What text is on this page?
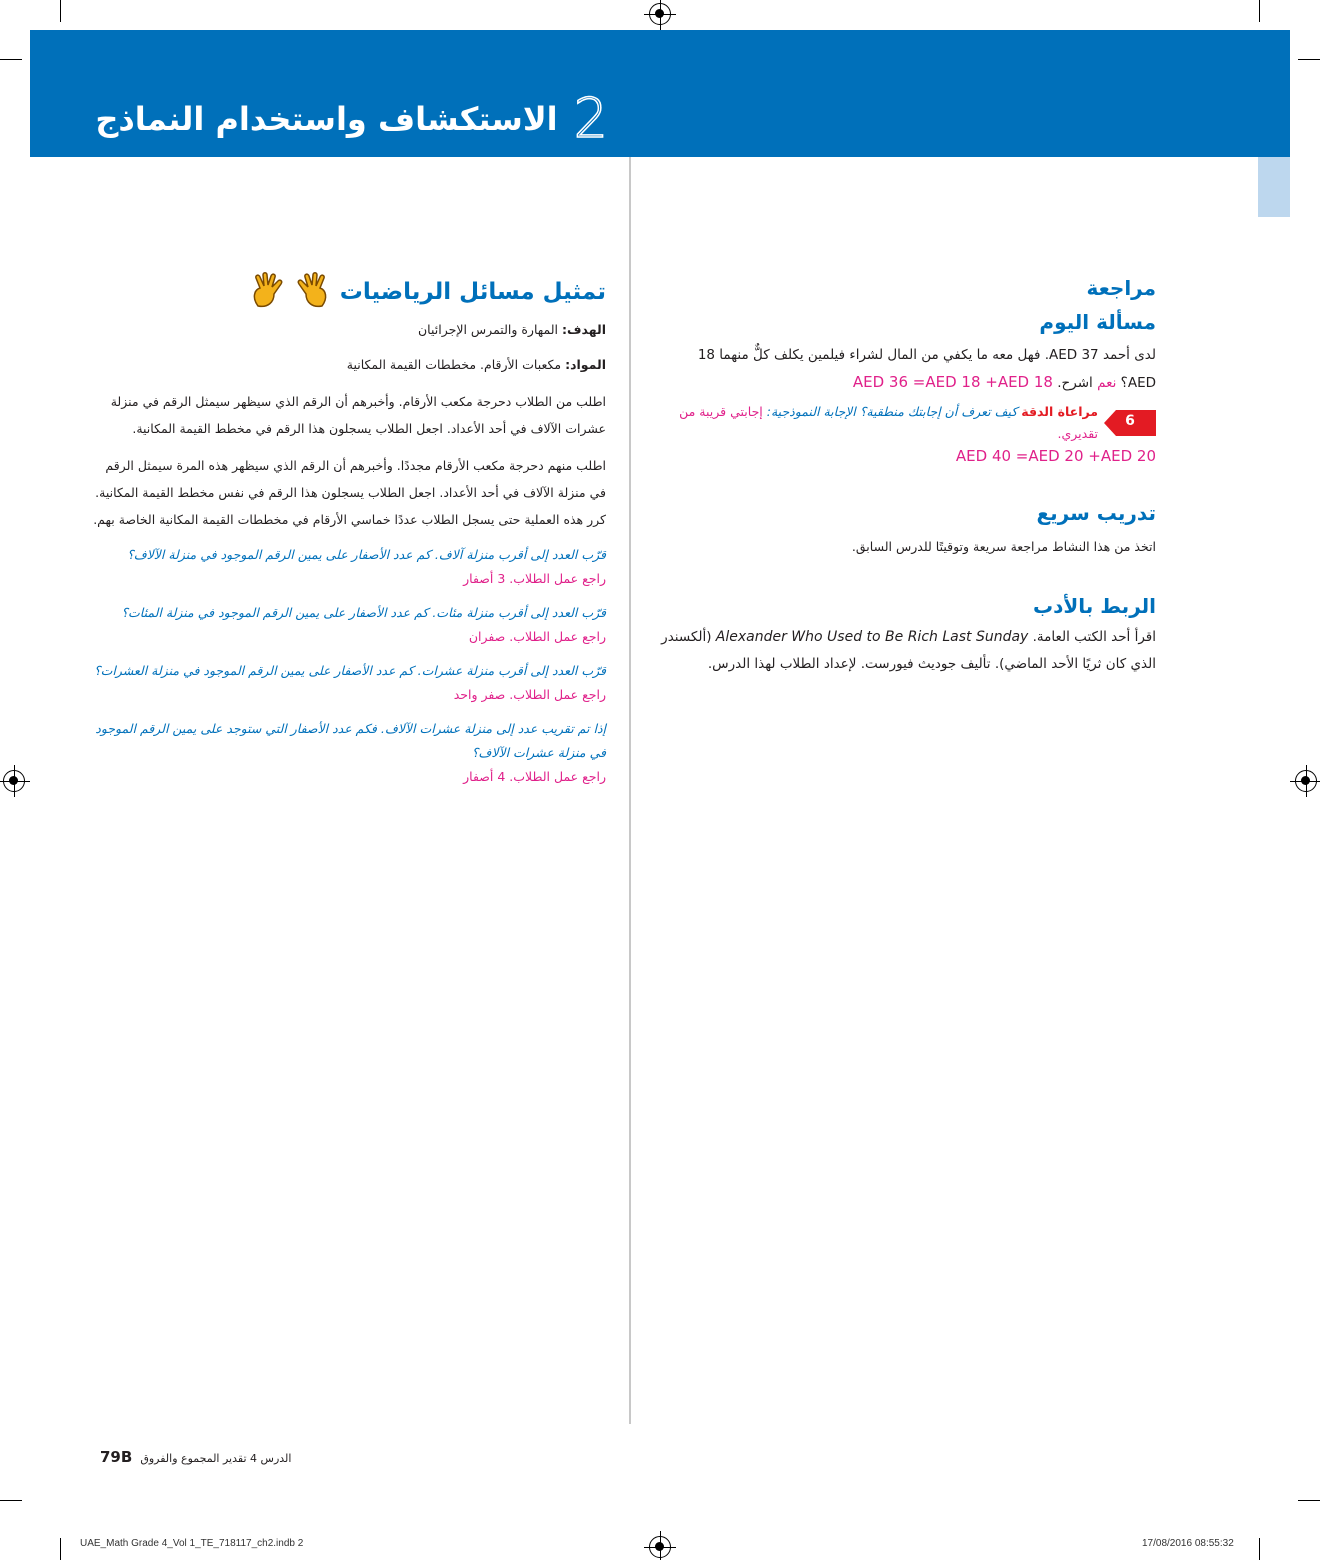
2
الاستكشاف واستخدام النماذج
مراجعة
مسألة اليوم
لدى أحمد AED 37. فهل معه ما يكفي من المال لشراء فيلمين يكلف كلٌّ منهما 18 AED؟ نعم اشرح. AED 36 =AED 18 +AED 18
6
مراعاة الدقة كيف تعرف أن إجابتك منطقية؟ الإجابة النموذجية: إجابتي قريبة من تقديري.
AED 40 =AED 20 +AED 20
تدريب سريع
اتخذ من هذا النشاط مراجعة سريعة وتوقيتًا للدرس السابق.
الربط بالأدب
اقرأ أحد الكتب العامة. Alexander Who Used to Be Rich Last Sunday (ألكسندر الذي كان ثريًا الأحد الماضي). تأليف جوديث فيورست. لإعداد الطلاب لهذا الدرس.
تمثيل مسائل الرياضيات
الهدف: المهارة والتمرس الإجرائيان
المواد: مكعبات الأرقام. مخططات القيمة المكانية
اطلب من الطلاب دحرجة مكعب الأرقام. وأخبرهم أن الرقم الذي سيظهر سيمثل الرقم في منزلة عشرات الآلاف في أحد الأعداد. اجعل الطلاب يسجلون هذا الرقم في مخطط القيمة المكانية.
اطلب منهم دحرجة مكعب الأرقام مجددًا. وأخبرهم أن الرقم الذي سيظهر هذه المرة سيمثل الرقم في منزلة الآلاف في أحد الأعداد. اجعل الطلاب يسجلون هذا الرقم في نفس مخطط القيمة المكانية. كرر هذه العملية حتى يسجل الطلاب عددًا خماسي الأرقام في مخططات القيمة المكانية الخاصة بهم.
قرّب العدد إلى أقرب منزلة آلاف. كم عدد الأصفار على يمين الرقم الموجود في منزلة الآلاف؟
راجع عمل الطلاب. 3 أصفار
قرّب العدد إلى أقرب منزلة مئات. كم عدد الأصفار على يمين الرقم الموجود في منزلة المئات؟
راجع عمل الطلاب. صفران
قرّب العدد إلى أقرب منزلة عشرات. كم عدد الأصفار على يمين الرقم الموجود في منزلة العشرات؟
راجع عمل الطلاب. صفر واحد
إذا تم تقريب عدد إلى منزلة عشرات الآلاف. فكم عدد الأصفار التي ستوجد على يمين الرقم الموجود في منزلة عشرات الآلاف؟
راجع عمل الطلاب. 4 أصفار
79B الدرس 4 تقدير المجموع والفروق
UAE_Math Grade 4_Vol 1_TE_718117_ch2.indb 2	17/08/2016 08:55:32
